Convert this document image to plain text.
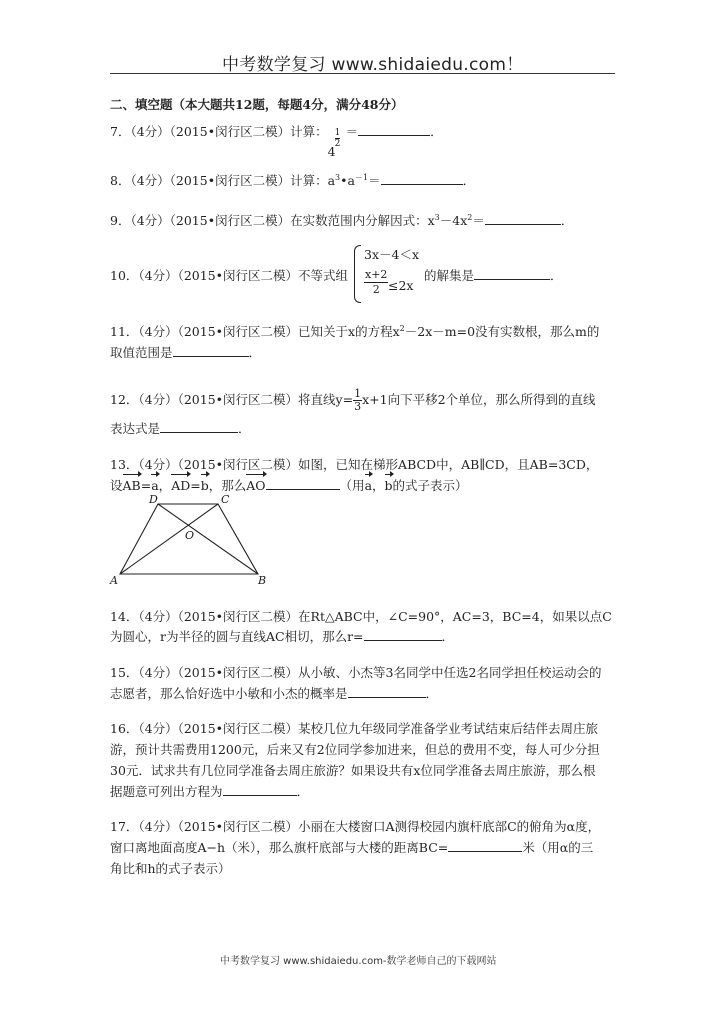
中考数学复习 www.shidaiedu.com！
二、填空题（本大题共12题，每题4分，满分48分）
7．（4分）（2015•闵行区二模）计算：
4
1
2
＝	．
8．（4分）（2015•闵行区二模）计算：$a^3•a^{-1}=$	．
9．（4分）（2015•闵行区二模）在实数范围内分解因式：$x^3-4x^2=$	．
10．（4分）（2015•闵行区二模）不等式组
3x－4＜x
$\frac{x+2}{2} \le 2x$
的解集是	．
11．（4分）（2015•闵行区二模）已知关于x的方程$x^2-2x-m=0$没有实数根，那么m的
取值范围是	．
12．（4分）（2015•闵行区二模）将直线$y= \frac{1}{3} x+1$向下平移2个单位，那么所得到的直线
表达式是	．
13．（4分）（2015•闵行区二模）如图，已知在梯形ABCD中，AB∥CD，且AB=3CD，
设AB=a，AD=b，那么AO	（用a，b的式子表示）
D	C
O
A	B
14．（4分）（2015•闵行区二模）在Rt△ABC中，∠C=90°，AC=3，BC=4，如果以点C
为圆心，r为半径的圆与直线AC相切，那么r=	．
15．（4分）（2015•闵行区二模）从小敏、小杰等3名同学中任选2名同学担任校运动会的
志愿者，那么恰好选中小敏和小杰的概率是	．
16．（4分）（2015•闵行区二模）某校几位九年级同学准备学业考试结束后结伴去周庄旅
游，预计共需费用1200元，后来又有2位同学参加进来，但总的费用不变，每人可少分担
30元．试求共有几位同学准备去周庄旅游？如果设共有x位同学准备去周庄旅游，那么根
据题意可列出方程为	．
17．（4分）（2015•闵行区二模）小丽在大楼窗口A测得校园内旗杆底部C的俯角为α度，
窗口离地面高度A−h（米），那么旗杆底部与大楼的距离BC=	米（用α的三
角比和h的式子表示）
中考数学复习 www.shidaiedu.com-数学老师自己的下载网站
